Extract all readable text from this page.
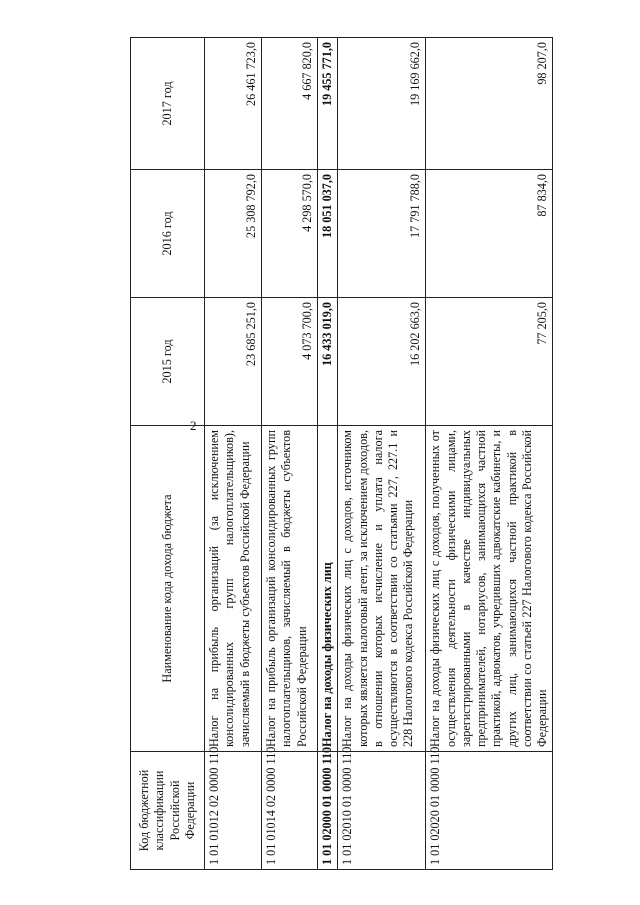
2
Код бюджетной классификации Российской Федерации	Наименование кода дохода бюджета	2015 год	2016 год	2017 год
1 01 01012 02 0000 110	Налог на прибыль организаций (за исключением консолидированных групп налогоплательщиков), зачисляемый в бюджеты субъектов Российской Федерации	23 685 251,0	25 308 792,0	26 461 723,0
1 01 01014 02 0000 110	Налог на прибыль организаций консолидированных групп налогоплательщиков, зачисляемый в бюджеты субъектов Российской Федерации	4 073 700,0	4 298 570,0	4 667 820,0
1 01 02000 01 0000 110	Налог на доходы физических лиц	16 433 019,0	18 051 037,0	19 455 771,0
1 01 02010 01 0000 110	Налог на доходы физических лиц с доходов, источником которых является налоговый агент, за исключением доходов, в отношении которых исчисление и уплата налога осуществляются в соответствии со статьями 227, 227.1 и 228 Налогового кодекса Российской Федерации	16 202 663,0	17 791 788,0	19 169 662,0
1 01 02020 01 0000 110	Налог на доходы физических лиц с доходов, полученных от осуществления деятельности физическими лицами, зарегистрированными в качестве индивидуальных предпринимателей, нотариусов, занимающихся частной практикой, адвокатов, учредивших адвокатские кабинеты, и других лиц, занимающихся частной практикой в соответствии со статьей 227 Налогового кодекса Российской Федерации	77 205,0	87 834,0	98 207,0
